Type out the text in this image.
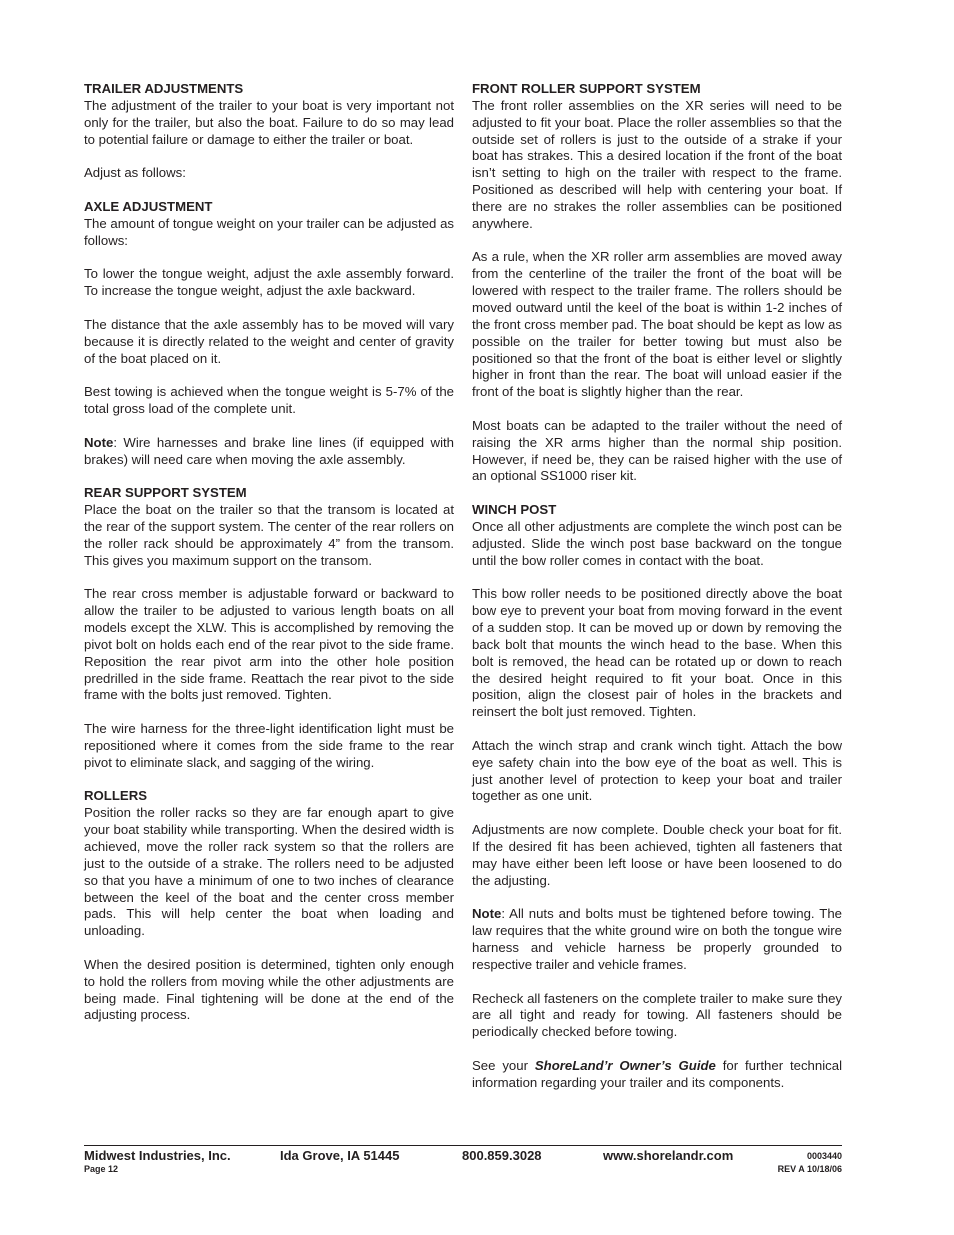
TRAILER ADJUSTMENTS

The adjustment of the trailer to your boat is very important not only for the trailer, but also the boat. Failure to do so may lead to potential failure or damage to either the trailer or boat.

Adjust as follows:

AXLE ADJUSTMENT

The amount of tongue weight on your trailer can be adjusted as follows:

To lower the tongue weight, adjust the axle assembly forward. To increase the tongue weight, adjust the axle backward.

The distance that the axle assembly has to be moved will vary because it is directly related to the weight and center of gravity of the boat placed on it.

Best towing is achieved when the tongue weight is 5-7% of the total gross load of the complete unit.

Note: Wire harnesses and brake line lines (if equipped with brakes) will need care when moving the axle assembly.

REAR SUPPORT SYSTEM

Place the boat on the trailer so that the transom is located at the rear of the support system. The center of the rear rollers on the roller rack should be approximately 4” from the transom. This gives you maximum support on the transom.

The rear cross member is adjustable forward or backward to allow the trailer to be adjusted to various length boats on all models except the XLW. This is accomplished by removing the pivot bolt on holds each end of the rear pivot to the side frame. Reposition the rear pivot arm into the other hole position predrilled in the side frame. Reattach the rear pivot to the side frame with the bolts just removed. Tighten.

The wire harness for the three-light identification light must be repositioned where it comes from the side frame to the rear pivot to eliminate slack, and sagging of the wiring.

ROLLERS

Position the roller racks so they are far enough apart to give your boat stability while transporting. When the desired width is achieved, move the roller rack system so that the rollers are just to the outside of a strake. The rollers need to be adjusted so that you have a minimum of one to two inches of clearance between the keel of the boat and the center cross member pads. This will help center the boat when loading and unloading.

When the desired position is determined, tighten only enough to hold the rollers from moving while the other adjustments are being made. Final tightening will be done at the end of the adjusting process.

FRONT ROLLER SUPPORT SYSTEM

The front roller assemblies on the XR series will need to be adjusted to fit your boat. Place the roller assemblies so that the outside set of rollers is just to the outside of a strake if your boat has strakes. This a desired location if the front of the boat isn’t setting to high on the trailer with respect to the frame. Positioned as described will help with centering your boat. If there are no strakes the roller assemblies can be positioned anywhere.

As a rule, when the XR roller arm assemblies are moved away from the centerline of the trailer the front of the boat will be lowered with respect to the trailer frame. The rollers should be moved outward until the keel of the boat is within 1-2 inches of the front cross member pad. The boat should be kept as low as possible on the trailer for better towing but must also be positioned so that the front of the boat is either level or slightly higher in front than the rear. The boat will unload easier if the front of the boat is slightly higher than the rear.

Most boats can be adapted to the trailer without the need of raising the XR arms higher than the normal ship position. However, if need be, they can be raised higher with the use of an optional SS1000 riser kit.

WINCH POST

Once all other adjustments are complete the winch post can be adjusted. Slide the winch post base backward on the tongue until the bow roller comes in contact with the boat.

This bow roller needs to be positioned directly above the boat bow eye to prevent your boat from moving forward in the event of a sudden stop. It can be moved up or down by removing the back bolt that mounts the winch head to the base. When this bolt is removed, the head can be rotated up or down to reach the desired height required to fit your boat. Once in this position, align the closest pair of holes in the brackets and reinsert the bolt just removed. Tighten.

Attach the winch strap and crank winch tight. Attach the bow eye safety chain into the bow eye of the boat as well. This is just another level of protection to keep your boat and trailer together as one unit.

Adjustments are now complete. Double check your boat for fit. If the desired fit has been achieved, tighten all fasteners that may have either been left loose or have been loosened to do the adjusting.

Note: All nuts and bolts must be tightened before towing. The law requires that the white ground wire on both the tongue wire harness and vehicle harness be properly grounded to respective trailer and vehicle frames.

Recheck all fasteners on the complete trailer to make sure they are all tight and ready for towing. All fasteners should be periodically checked before towing.

See your ShoreLand’r Owner’s Guide for further technical information regarding your trailer and its components.

Midwest Industries, Inc.	Ida Grove, IA 51445	800.859.3028	www.shorelandr.com	0003440
Page 12	REV A 10/18/06
